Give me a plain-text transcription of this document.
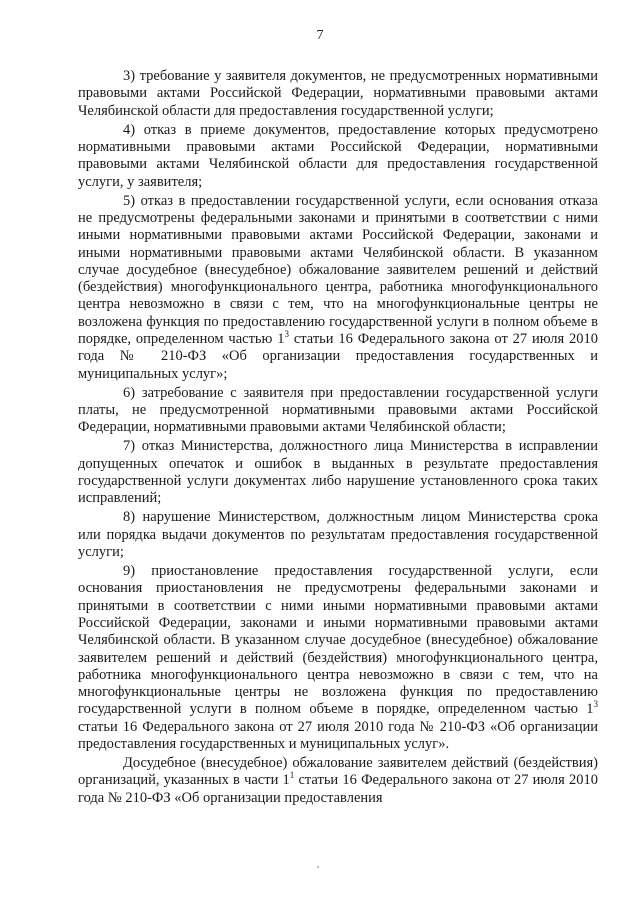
7

3) требование у заявителя документов, не предусмотренных нормативными правовыми актами Российской Федерации, нормативными правовыми актами Челябинской области для предоставления государственной услуги;

4) отказ в приеме документов, предоставление которых предусмотрено нормативными правовыми актами Российской Федерации, нормативными правовыми актами Челябинской области для предоставления государственной услуги, у заявителя;

5) отказ в предоставлении государственной услуги, если основания отказа не предусмотрены федеральными законами и принятыми в соответствии с ними иными нормативными правовыми актами Российской Федерации, законами и иными нормативными правовыми актами Челябинской области. В указанном случае досудебное (внесудебное) обжалование заявителем решений и действий (бездействия) многофункционального центра, работника многофункционального центра невозможно в связи с тем, что на многофункциональные центры не возложена функция по предоставлению государственной услуги в полном объеме в порядке, определенном частью $1^3$ статьи 16 Федерального закона от 27 июля 2010 года № 210-ФЗ «Об организации предоставления государственных и муниципальных услуг»;

6) затребование с заявителя при предоставлении государственной услуги платы, не предусмотренной нормативными правовыми актами Российской Федерации, нормативными правовыми актами Челябинской области;

7) отказ Министерства, должностного лица Министерства в исправлении допущенных опечаток и ошибок в выданных в результате предоставления государственной услуги документах либо нарушение установленного срока таких исправлений;

8) нарушение Министерством, должностным лицом Министерства срока или порядка выдачи документов по результатам предоставления государственной услуги;

9) приостановление предоставления государственной услуги, если основания приостановления не предусмотрены федеральными законами и принятыми в соответствии с ними иными нормативными правовыми актами Российской Федерации, законами и иными нормативными правовыми актами Челябинской области. В указанном случае досудебное (внесудебное) обжалование заявителем решений и действий (бездействия) многофункционального центра, работника многофункционального центра невозможно в связи с тем, что на многофункциональные центры не возложена функция по предоставлению государственной услуги в полном объеме в порядке, определенном частью $1^3$ статьи 16 Федерального закона от 27 июля 2010 года № 210-ФЗ «Об организации предоставления государственных и муниципальных услуг».

Досудебное (внесудебное) обжалование заявителем действий (бездействия) организаций, указанных в части $1^1$ статьи 16 Федерального закона от 27 июля 2010 года № 210-ФЗ «Об организации предоставления
